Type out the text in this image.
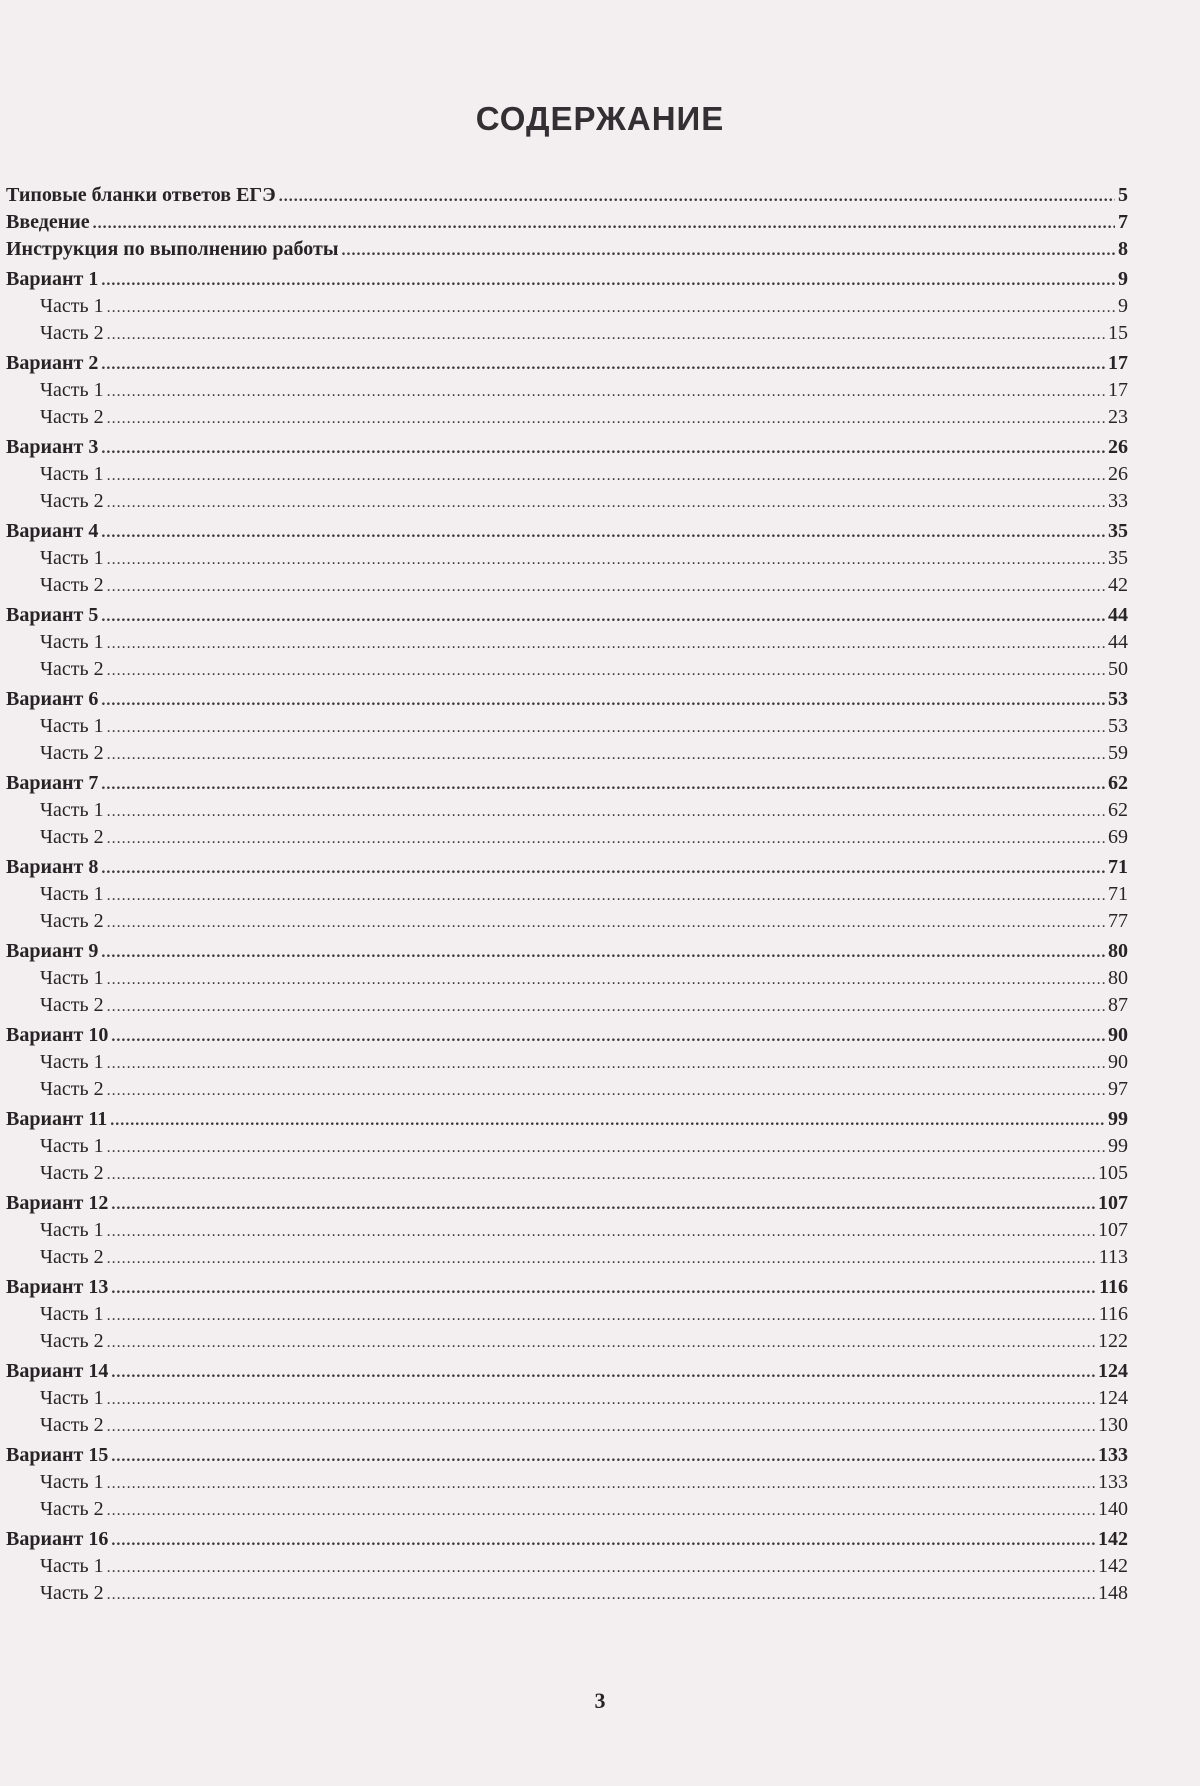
СОДЕРЖАНИЕ
Типовые бланки ответов ЕГЭ .....	5
Введение .....	7
Инструкция по выполнению работы .....	8
Вариант 1 .....	9
Часть 1 .....	9
Часть 2 .....	15
Вариант 2 .....	17
Часть 1 .....	17
Часть 2 .....	23
Вариант 3 .....	26
Часть 1 .....	26
Часть 2 .....	33
Вариант 4 .....	35
Часть 1 .....	35
Часть 2 .....	42
Вариант 5 .....	44
Часть 1 .....	44
Часть 2 .....	50
Вариант 6 .....	53
Часть 1 .....	53
Часть 2 .....	59
Вариант 7 .....	62
Часть 1 .....	62
Часть 2 .....	69
Вариант 8 .....	71
Часть 1 .....	71
Часть 2 .....	77
Вариант 9 .....	80
Часть 1 .....	80
Часть 2 .....	87
Вариант 10 .....	90
Часть 1 .....	90
Часть 2 .....	97
Вариант 11 .....	99
Часть 1 .....	99
Часть 2 .....	105
Вариант 12 .....	107
Часть 1 .....	107
Часть 2 .....	113
Вариант 13 .....	116
Часть 1 .....	116
Часть 2 .....	122
Вариант 14 .....	124
Часть 1 .....	124
Часть 2 .....	130
Вариант 15 .....	133
Часть 1 .....	133
Часть 2 .....	140
Вариант 16 .....	142
Часть 1 .....	142
Часть 2 .....	148
3
